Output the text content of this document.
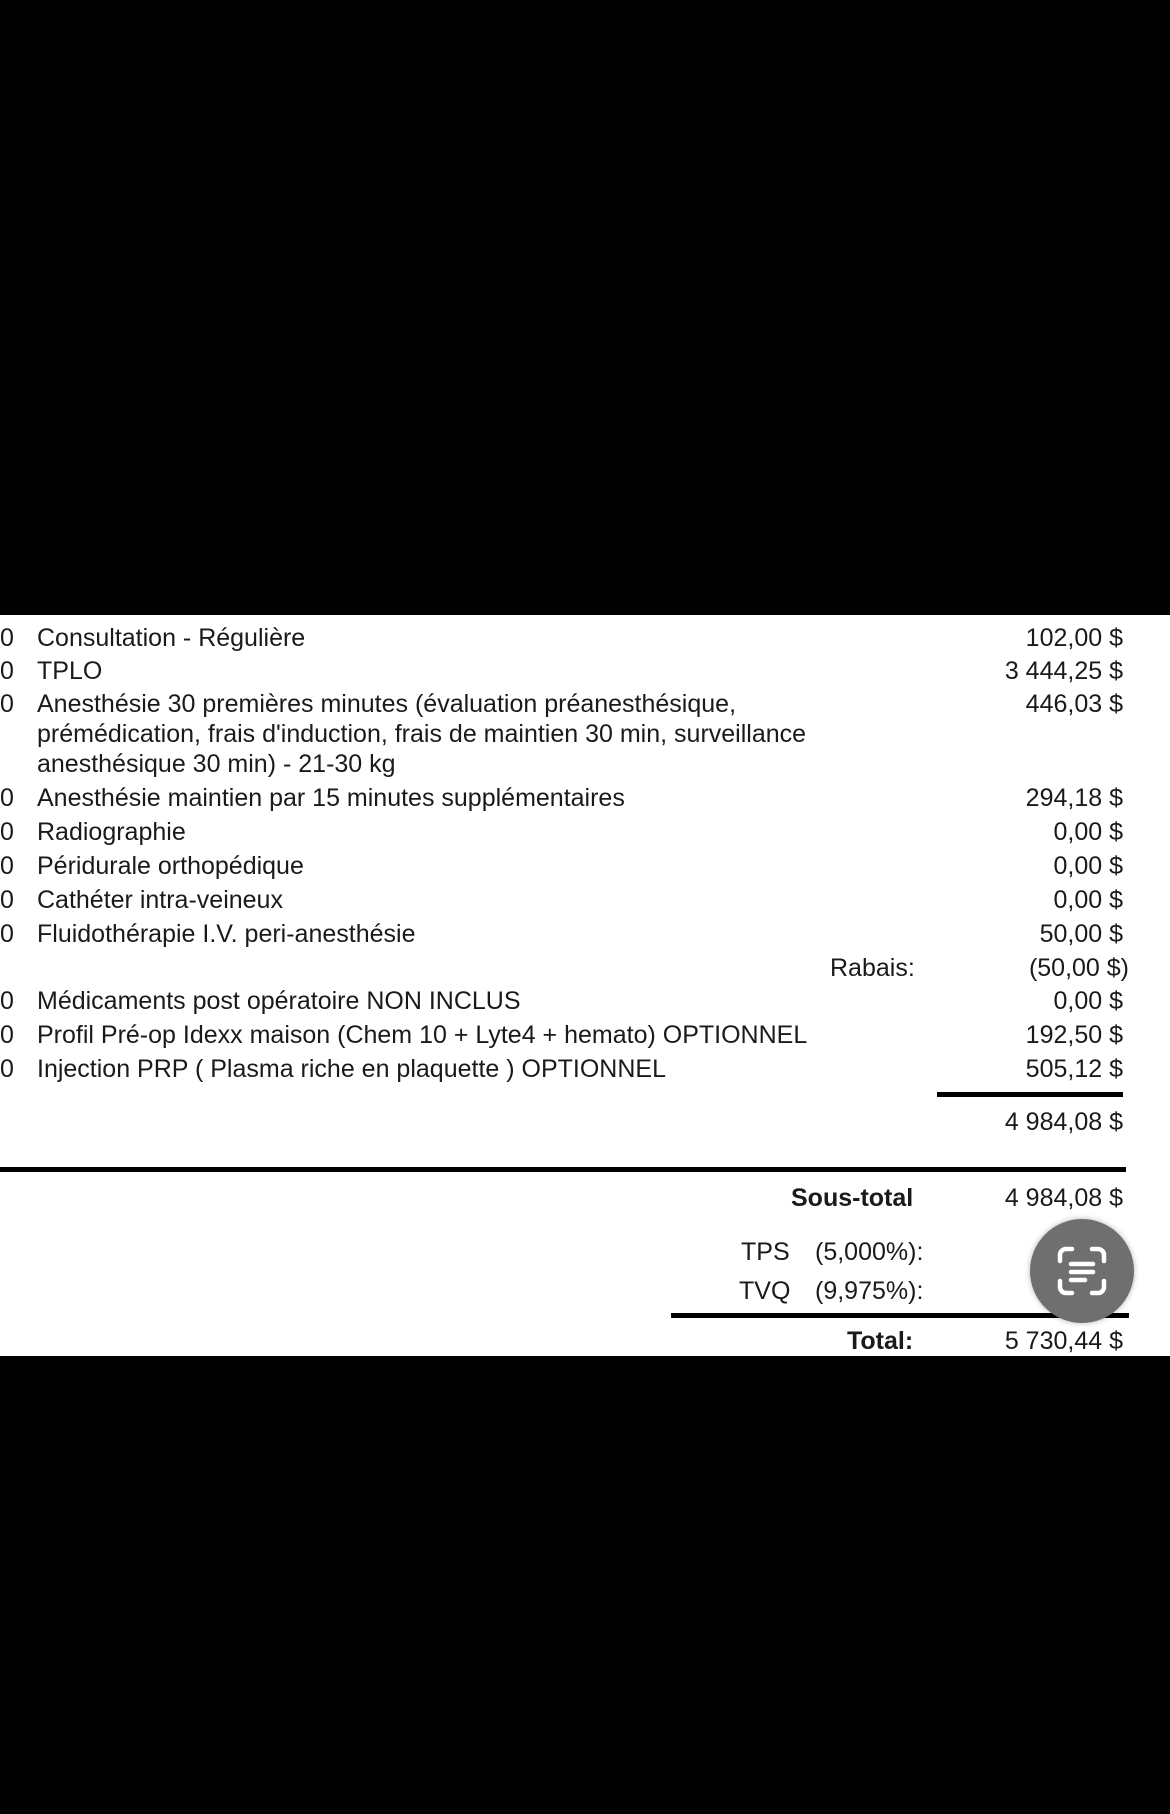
0 Consultation - Régulière	102,00 $
0 TPLO	3 444,25 $
0 Anesthésie 30 premières minutes (évaluation préanesthésique, prémédication, frais d'induction, frais de maintien 30 min, surveillance anesthésique 30 min) - 21-30 kg
446,03 $
0 Anesthésie maintien par 15 minutes supplémentaires	294,18 $
0 Radiographie	0,00 $
0 Péridurale orthopédique	0,00 $
0 Cathéter intra-veineux	0,00 $
0 Fluidothérapie I.V. peri-anesthésie	50,00 $
Rabais:	(50,00 $)
0 Médicaments post opératoire NON INCLUS	0,00 $
0 Profil Pré-op Idexx maison (Chem 10 + Lyte4 + hemato) OPTIONNEL	192,50 $
0 Injection PRP ( Plasma riche en plaquette ) OPTIONNEL	505,12 $
4 984,08 $
Sous-total	4 984,08 $
TPS (5,000%):
TVQ (9,975%):
Total:	5 730,44 $
